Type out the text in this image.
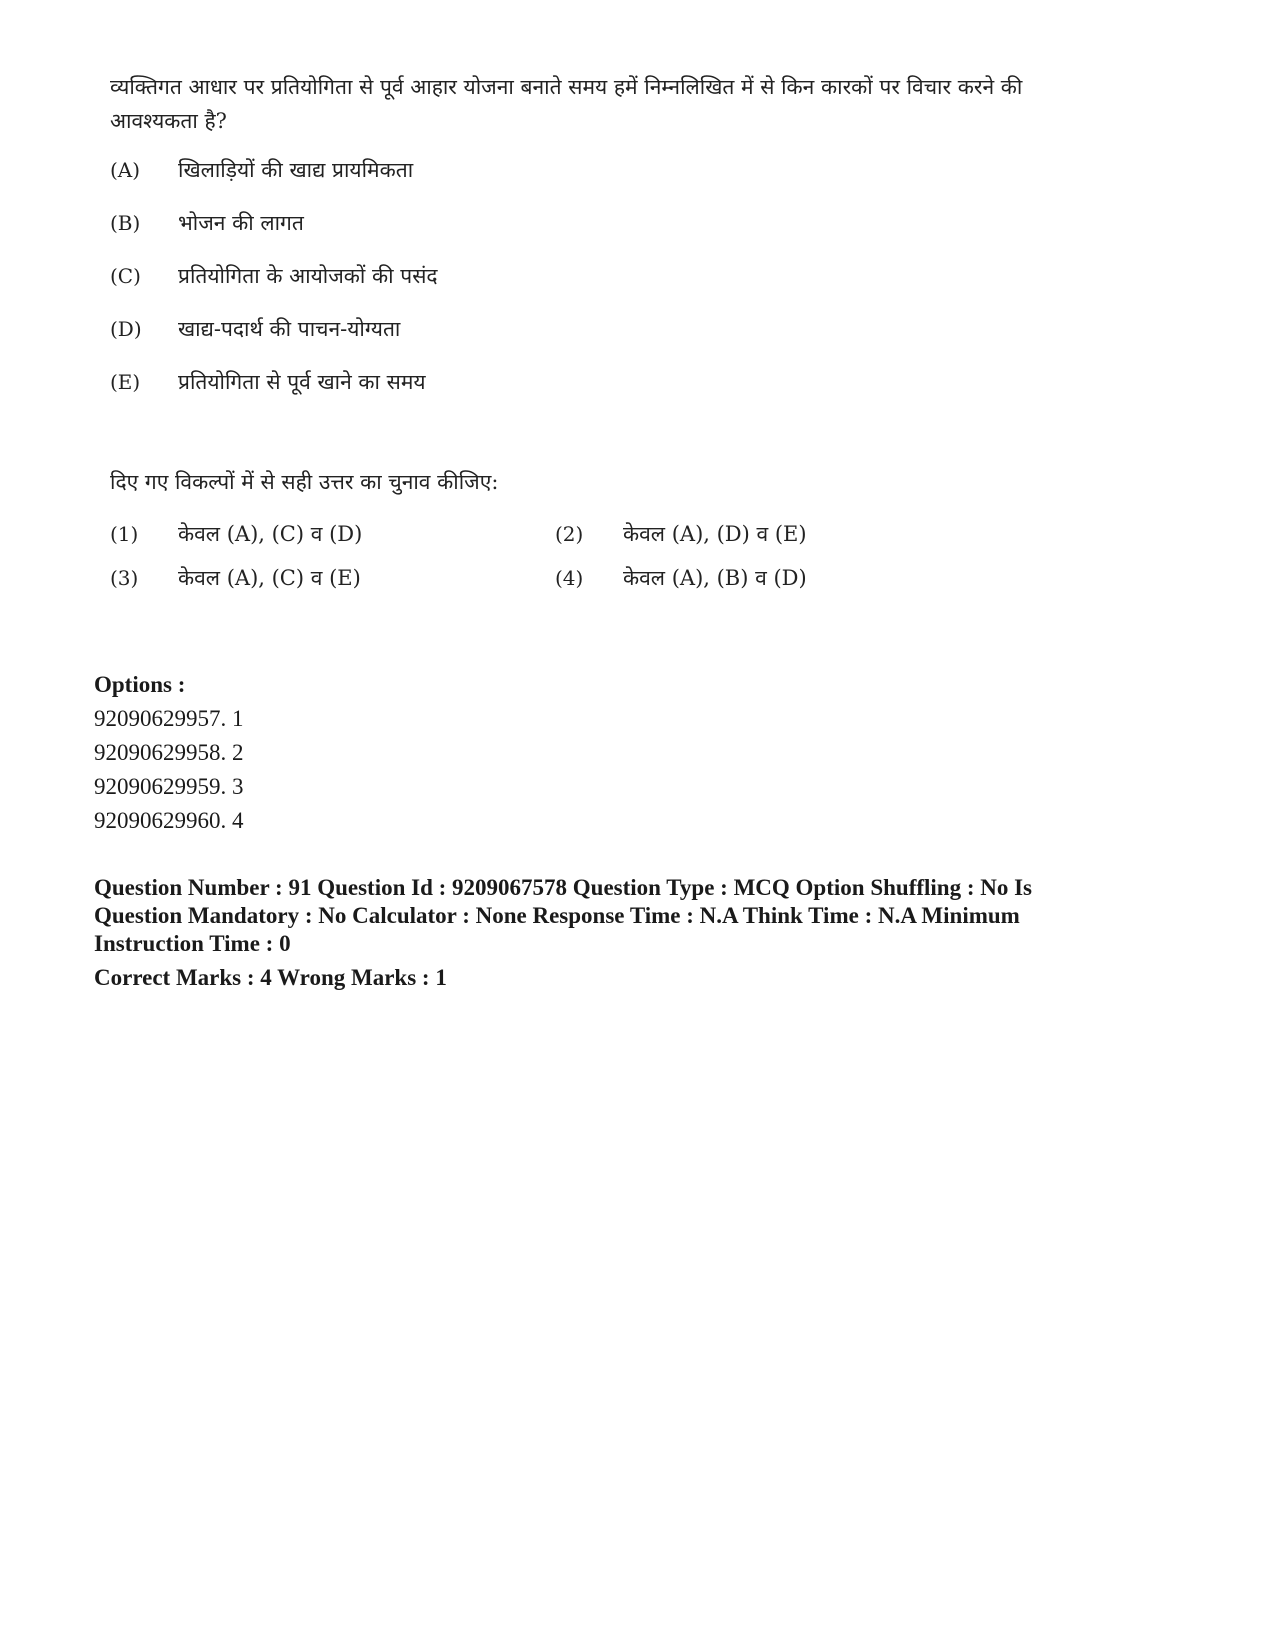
व्यक्तिगत आधार पर प्रतियोगिता से पूर्व आहार योजना बनाते समय हमें निम्नलिखित में से किन कारकों पर विचार करने की आवश्यकता है?

(A)	खिलाड़ियों की खाद्य प्रायमिकता
(B)	भोजन की लागत
(C)	प्रतियोगिता के आयोजकों की पसंद
(D)	खाद्य-पदार्थ की पाचन-योग्यता
(E)	प्रतियोगिता से पूर्व खाने का समय
दिए गए विकल्पों में से सही उत्तर का चुनाव कीजिए:
(1)	केवल (A), (C) व (D)	(2)	केवल (A), (D) व (E)
(3)	केवल (A), (C) व (E)	(4)	केवल (A), (B) व (D)
Options :
92090629957.
1
92090629958.
2
92090629959.
3
92090629960.
4
Question Number : 91 Question Id : 9209067578 Question Type : MCQ Option Shuffling : No Is Question Mandatory : No Calculator : None Response Time : N.A Think Time : N.A Minimum Instruction Time : 0
Correct Marks : 4 Wrong Marks : 1
